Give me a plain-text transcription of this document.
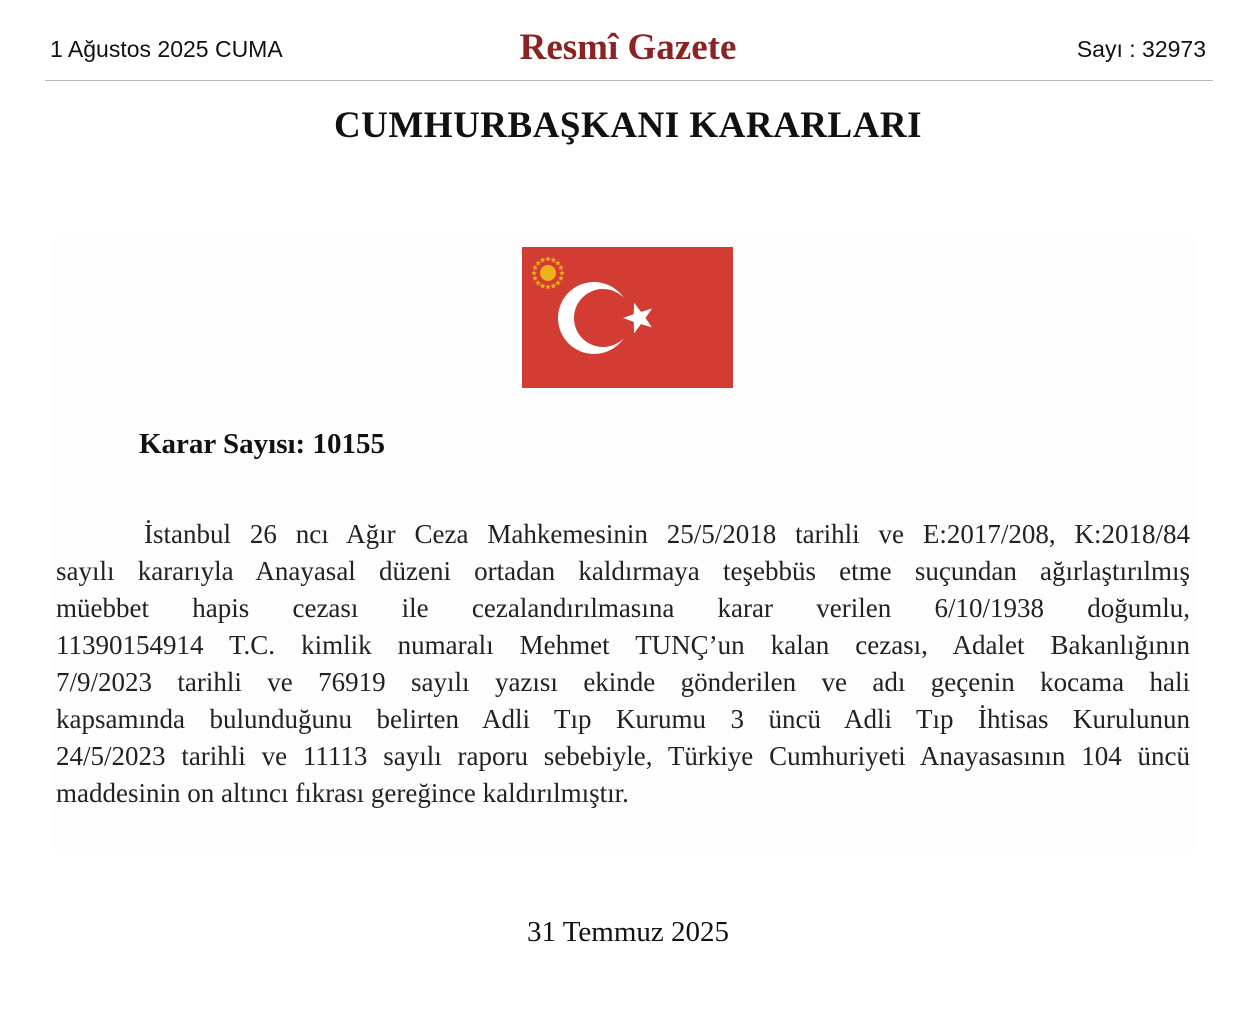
1 Ağustos 2025 CUMA	Resmî Gazete	Sayı : 32973
CUMHURBAŞKANI KARARLARI
Karar Sayısı: 10155
İstanbul 26 ncı Ağır Ceza Mahkemesinin 25/5/2018 tarihli ve E:2017/208, K:2018/84
sayılı kararıyla Anayasal düzeni ortadan kaldırmaya teşebbüs etme suçundan ağırlaştırılmış
müebbet hapis cezası ile cezalandırılmasına karar verilen 6/10/1938 doğumlu,
11390154914 T.C. kimlik numaralı Mehmet TUNÇ’un kalan cezası, Adalet Bakanlığının
7/9/2023 tarihli ve 76919 sayılı yazısı ekinde gönderilen ve adı geçenin kocama hali
kapsamında bulunduğunu belirten Adli Tıp Kurumu 3 üncü Adli Tıp İhtisas Kurulunun
24/5/2023 tarihli ve 11113 sayılı raporu sebebiyle, Türkiye Cumhuriyeti Anayasasının 104 üncü
maddesinin on altıncı fıkrası gereğince kaldırılmıştır.
31 Temmuz 2025
